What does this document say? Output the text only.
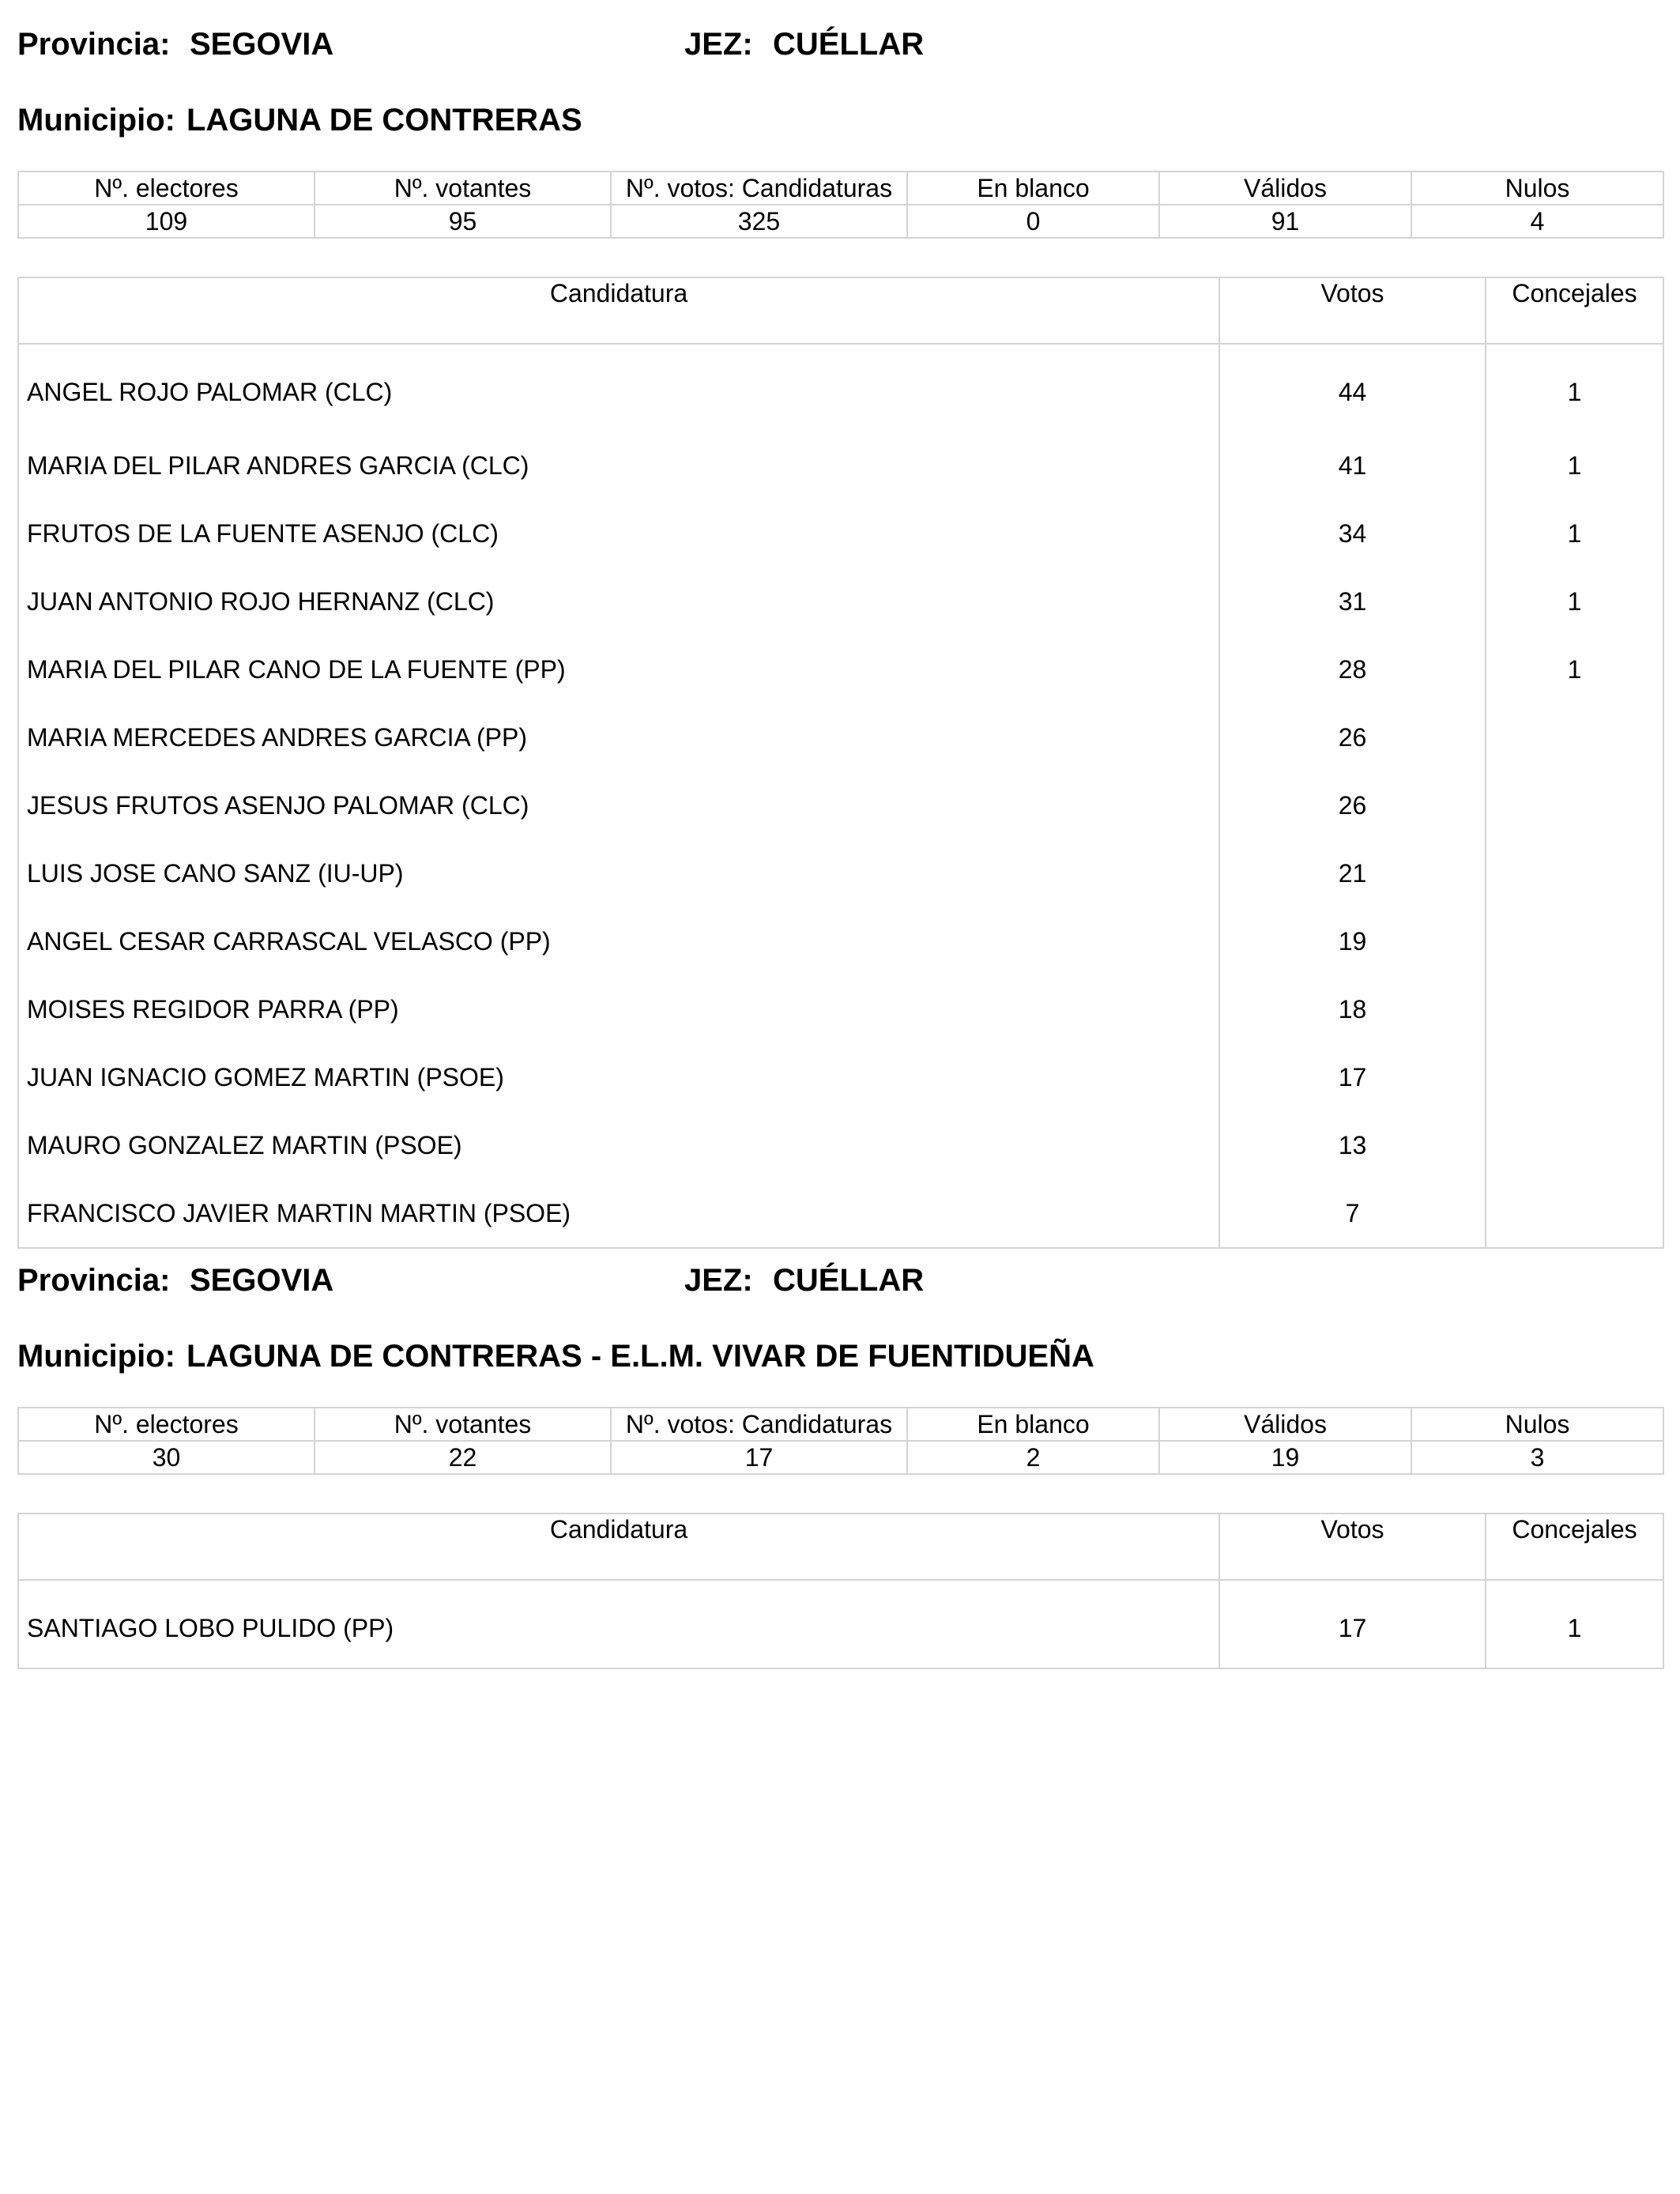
Provincia: SEGOVIA	JEZ: CUÉLLAR
Municipio: LAGUNA DE CONTRERAS
Nº. electores	Nº. votantes	Nº. votos: Candidaturas	En blanco	Válidos	Nulos
109	95	325	0	91	4
Candidatura	Votos	Concejales
ANGEL ROJO PALOMAR (CLC)	44	1
MARIA DEL PILAR ANDRES GARCIA (CLC)	41	1
FRUTOS DE LA FUENTE ASENJO (CLC)	34	1
JUAN ANTONIO ROJO HERNANZ (CLC)	31	1
MARIA DEL PILAR CANO DE LA FUENTE (PP)	28	1
MARIA MERCEDES ANDRES GARCIA (PP)	26	
JESUS FRUTOS ASENJO PALOMAR (CLC)	26	
LUIS JOSE CANO SANZ (IU-UP)	21	
ANGEL CESAR CARRASCAL VELASCO (PP)	19	
MOISES REGIDOR PARRA (PP)	18	
JUAN IGNACIO GOMEZ MARTIN (PSOE)	17	
MAURO GONZALEZ MARTIN (PSOE)	13	
FRANCISCO JAVIER MARTIN MARTIN (PSOE)	7	
Provincia: SEGOVIA	JEZ: CUÉLLAR
Municipio: LAGUNA DE CONTRERAS - E.L.M. VIVAR DE FUENTIDUEÑA
Nº. electores	Nº. votantes	Nº. votos: Candidaturas	En blanco	Válidos	Nulos
30	22	17	2	19	3
Candidatura	Votos	Concejales
SANTIAGO LOBO PULIDO (PP)	17	1
